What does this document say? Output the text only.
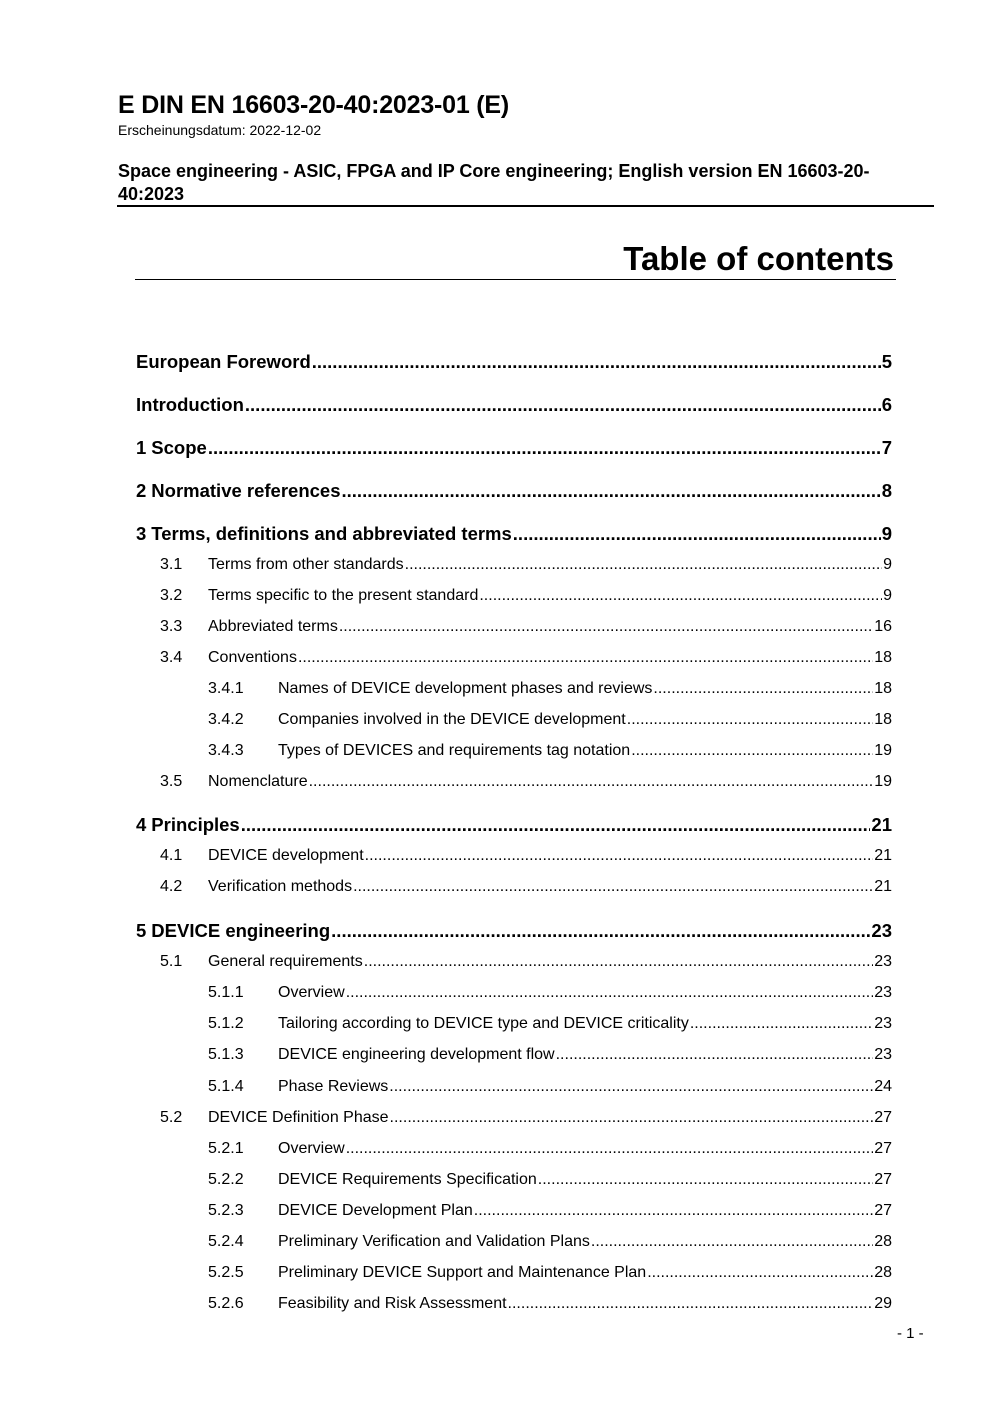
E DIN EN 16603-20-40:2023-01 (E)
Erscheinungsdatum: 2022-12-02
Space engineering - ASIC, FPGA and IP Core engineering; English version EN 16603-20-40:2023
Table of contents
European Foreword .....	5
Introduction .....	6
1 Scope .....	7
2 Normative references .....	8
3 Terms, definitions and abbreviated terms .....	9
3.1	Terms from other standards .....	9
3.2	Terms specific to the present standard .....	9
3.3	Abbreviated terms .....	16
3.4	Conventions .....	18
3.4.1	Names of DEVICE development phases and reviews .....	18
3.4.2	Companies involved in the DEVICE development .....	18
3.4.3	Types of DEVICES and requirements tag notation .....	19
3.5	Nomenclature .....	19
4 Principles .....	21
4.1	DEVICE development .....	21
4.2	Verification methods .....	21
5 DEVICE engineering .....	23
5.1	General requirements .....	23
5.1.1	Overview .....	23
5.1.2	Tailoring according to DEVICE type and DEVICE criticality .....	23
5.1.3	DEVICE engineering development flow .....	23
5.1.4	Phase Reviews .....	24
5.2	DEVICE Definition Phase .....	27
5.2.1	Overview .....	27
5.2.2	DEVICE Requirements Specification .....	27
5.2.3	DEVICE Development Plan .....	27
5.2.4	Preliminary Verification and Validation Plans .....	28
5.2.5	Preliminary DEVICE Support and Maintenance Plan .....	28
5.2.6	Feasibility and Risk Assessment .....	29
- 1 -
